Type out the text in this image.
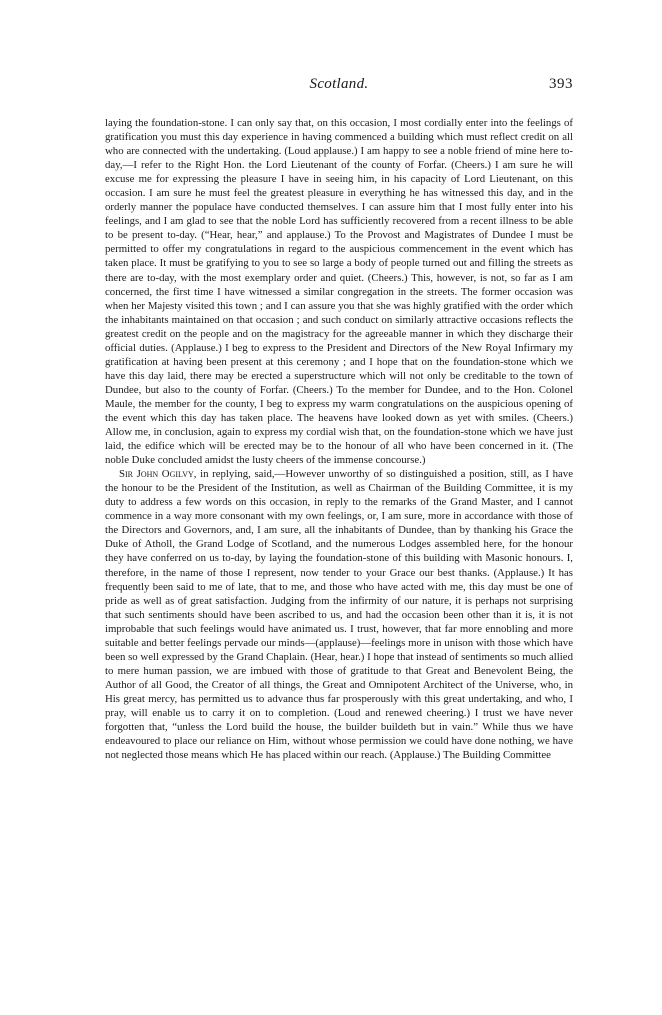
Scotland.	393

laying the foundation-stone. I can only say that, on this occasion, I most cordially enter into the feelings of gratification you must this day experience in having commenced a building which must reflect credit on all who are connected with the undertaking. (Loud applause.) I am happy to see a noble friend of mine here to-day,—I refer to the Right Hon. the Lord Lieutenant of the county of Forfar. (Cheers.) I am sure he will excuse me for expressing the pleasure I have in seeing him, in his capacity of Lord Lieutenant, on this occasion. I am sure he must feel the greatest pleasure in everything he has witnessed this day, and in the orderly manner the populace have conducted themselves. I can assure him that I most fully enter into his feelings, and I am glad to see that the noble Lord has sufficiently recovered from a recent illness to be able to be present to-day. (“Hear, hear,” and applause.) To the Provost and Magistrates of Dundee I must be permitted to offer my congratulations in regard to the auspicious commencement in the event which has taken place. It must be gratifying to you to see so large a body of people turned out and filling the streets as there are to-day, with the most exemplary order and quiet. (Cheers.) This, however, is not, so far as I am concerned, the first time I have witnessed a similar congregation in the streets. The former occasion was when her Majesty visited this town ; and I can assure you that she was highly gratified with the order which the inhabitants maintained on that occasion ; and such conduct on similarly attractive occasions reflects the greatest credit on the people and on the magistracy for the agreeable manner in which they discharge their official duties. (Applause.) I beg to express to the President and Directors of the New Royal Infirmary my gratification at having been present at this ceremony ; and I hope that on the foundation-stone which we have this day laid, there may be erected a superstructure which will not only be creditable to the town of Dundee, but also to the county of Forfar. (Cheers.) To the member for Dundee, and to the Hon. Colonel Maule, the member for the county, I beg to express my warm congratulations on the auspicious opening of the event which this day has taken place. The heavens have looked down as yet with smiles. (Cheers.) Allow me, in conclusion, again to express my cordial wish that, on the foundation-stone which we have just laid, the edifice which will be erected may be to the honour of all who have been concerned in it. (The noble Duke concluded amidst the lusty cheers of the immense concourse.)

Sir John Ogilvy, in replying, said,—However unworthy of so distinguished a position, still, as I have the honour to be the President of the Institution, as well as Chairman of the Building Committee, it is my duty to address a few words on this occasion, in reply to the remarks of the Grand Master, and I cannot commence in a way more consonant with my own feelings, or, I am sure, more in accordance with those of the Directors and Governors, and, I am sure, all the inhabitants of Dundee, than by thanking his Grace the Duke of Atholl, the Grand Lodge of Scotland, and the numerous Lodges assembled here, for the honour they have conferred on us to-day, by laying the foundation-stone of this building with Masonic honours. I, therefore, in the name of those I represent, now tender to your Grace our best thanks. (Applause.) It has frequently been said to me of late, that to me, and those who have acted with me, this day must be one of pride as well as of great satisfaction. Judging from the infirmity of our nature, it is perhaps not surprising that such sentiments should have been ascribed to us, and had the occasion been other than it is, it is not improbable that such feelings would have animated us. I trust, however, that far more ennobling and more suitable and better feelings pervade our minds—(applause)—feelings more in unison with those which have been so well expressed by the Grand Chaplain. (Hear, hear.) I hope that instead of sentiments so much allied to mere human passion, we are imbued with those of gratitude to that Great and Benevolent Being, the Author of all Good, the Creator of all things, the Great and Omnipotent Architect of the Universe, who, in His great mercy, has permitted us to advance thus far prosperously with this great undertaking, and who, I pray, will enable us to carry it on to completion. (Loud and renewed cheering.) I trust we have never forgotten that, “unless the Lord build the house, the builder buildeth but in vain.” While thus we have endeavoured to place our reliance on Him, without whose permission we could have done nothing, we have not neglected those means which He has placed within our reach. (Applause.) The Building Committee
